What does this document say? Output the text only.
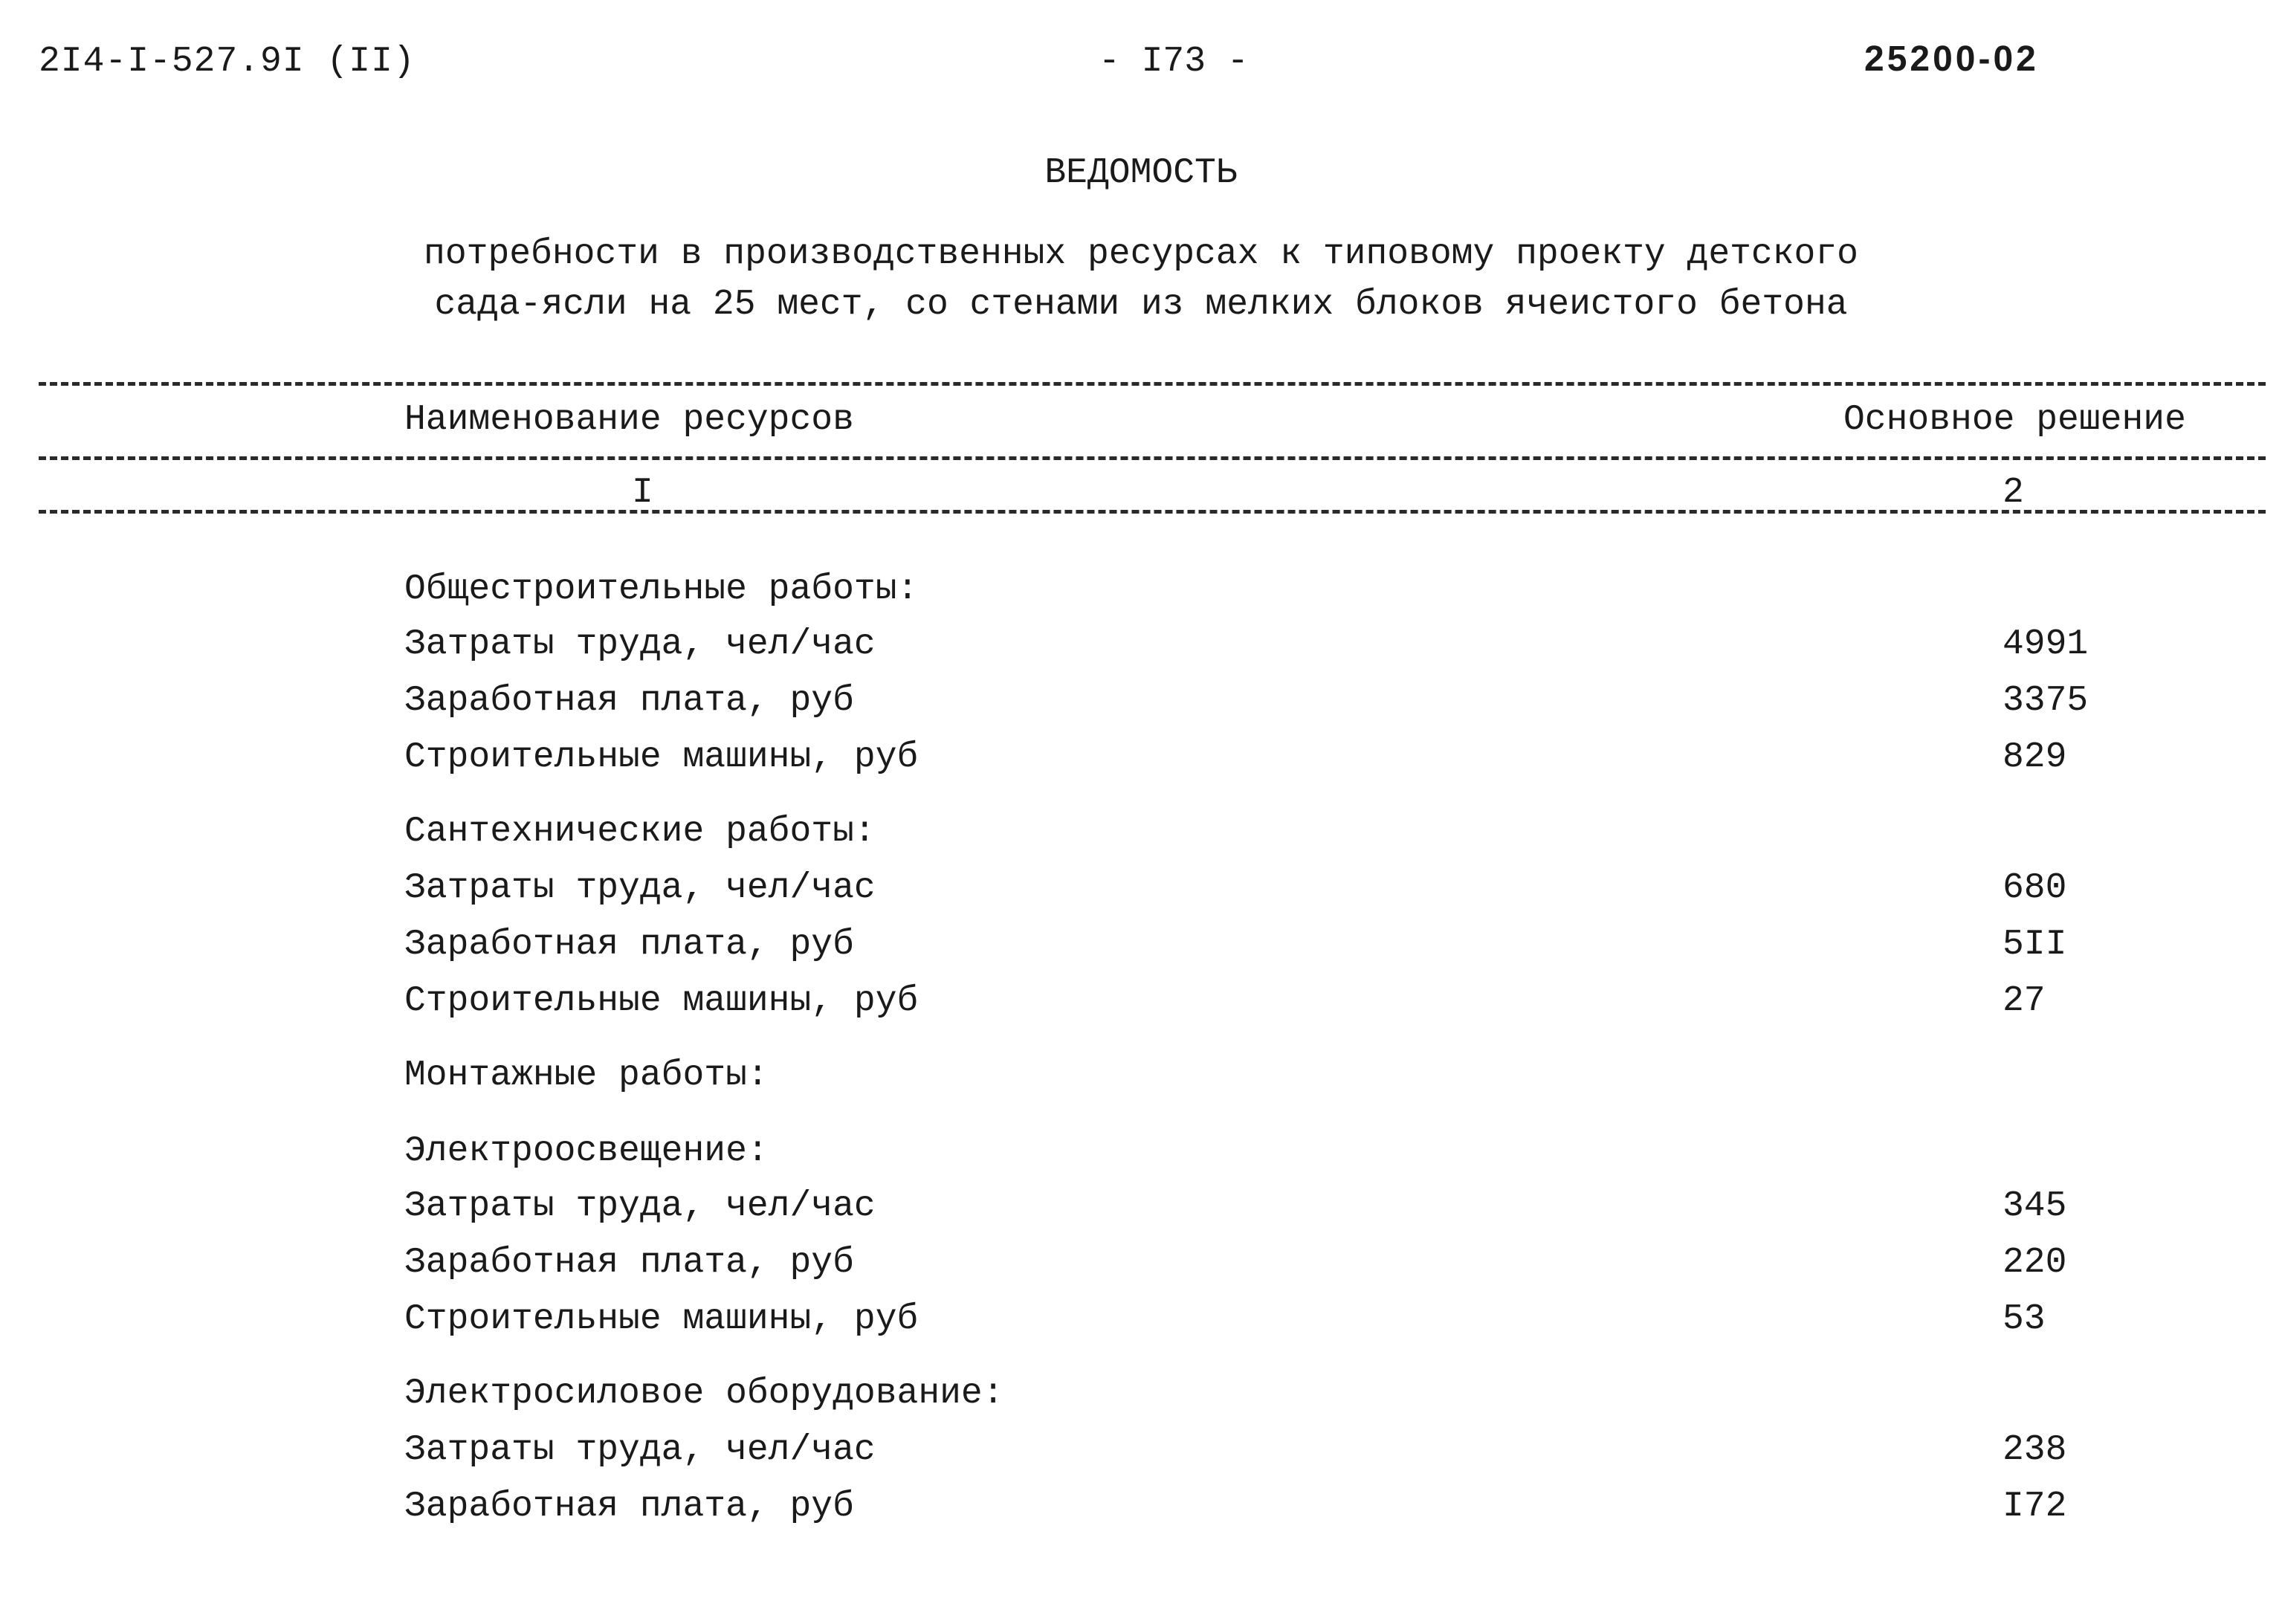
2I4-I-527.9I (II)	- I73 -	25200-02
ВЕДОМОСТЬ
потребности в производственных ресурсах к типовому проекту детского
сада-ясли на 25 мест, со стенами из мелких блоков ячеистого бетона
Наименование ресурсов	Основное решение
I	2
Общестроительные работы:
Затраты труда, чел/час	4991
Заработная плата, руб	3375
Строительные машины, руб	829
Сантехнические работы:
Затраты труда, чел/час	680
Заработная плата, руб	5II
Строительные машины, руб	27
Монтажные работы:
Электроосвещение:
Затраты труда, чел/час	345
Заработная плата, руб	220
Строительные машины, руб	53
Электросиловое оборудование:
Затраты труда, чел/час	238
Заработная плата, руб	I72
